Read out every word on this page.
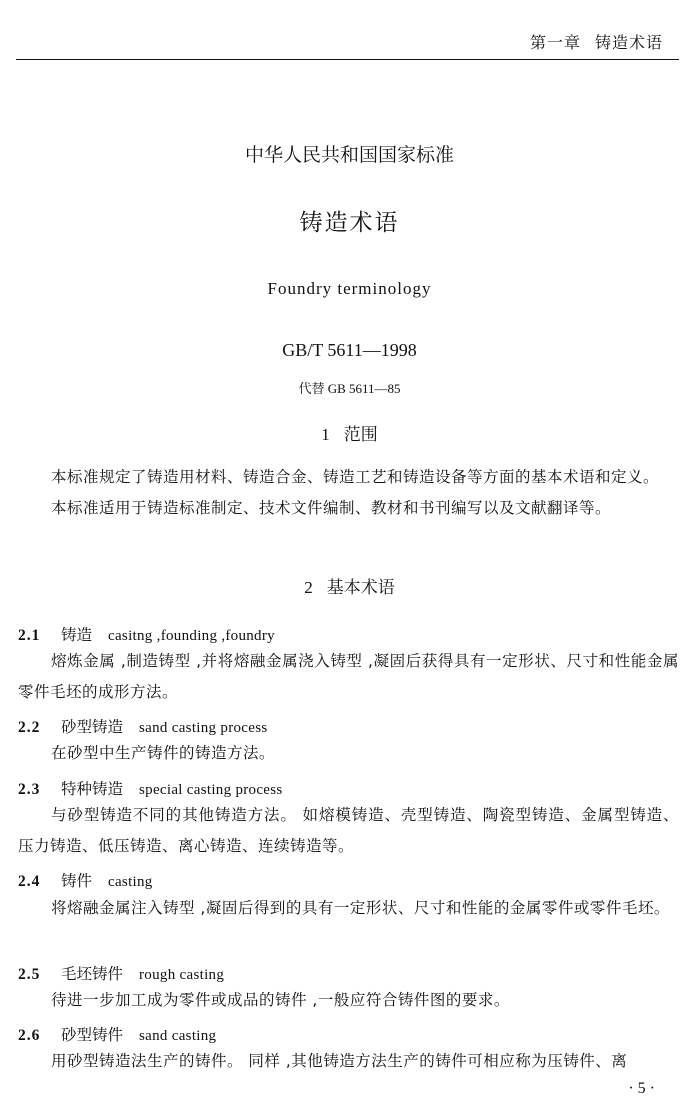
第一章 铸造术语
中华人民共和国国家标准
铸造术语
Foundry terminology
GB/T 5611—1998
代替 GB 5611—85
1 范围

本标准规定了铸造用材料、铸造合金、铸造工艺和铸造设备等方面的基本术语和定义。

本标准适用于铸造标准制定、技术文件编制、教材和书刊编写以及文献翻译等。

2 基本术语
2.1 铸造 casitng ,founding ,foundry

熔炼金属 ,制造铸型 ,并将熔融金属浇入铸型 ,凝固后获得具有一定形状、尺寸和性能金属零件毛坯的成形方法。

2.2 砂型铸造 sand casting process

在砂型中生产铸件的铸造方法。

2.3 特种铸造 special casting process

与砂型铸造不同的其他铸造方法。 如熔模铸造、壳型铸造、陶瓷型铸造、金属型铸造、压力铸造、低压铸造、离心铸造、连续铸造等。

2.4 铸件 casting

将熔融金属注入铸型 ,凝固后得到的具有一定形状、尺寸和性能的金属零件或零件毛坯。

2.5 毛坯铸件 rough casting

待进一步加工成为零件或成品的铸件 ,一般应符合铸件图的要求。

2.6 砂型铸件 sand casting

用砂型铸造法生产的铸件。 同样 ,其他铸造方法生产的铸件可相应称为压铸件、离

· 5 ·
